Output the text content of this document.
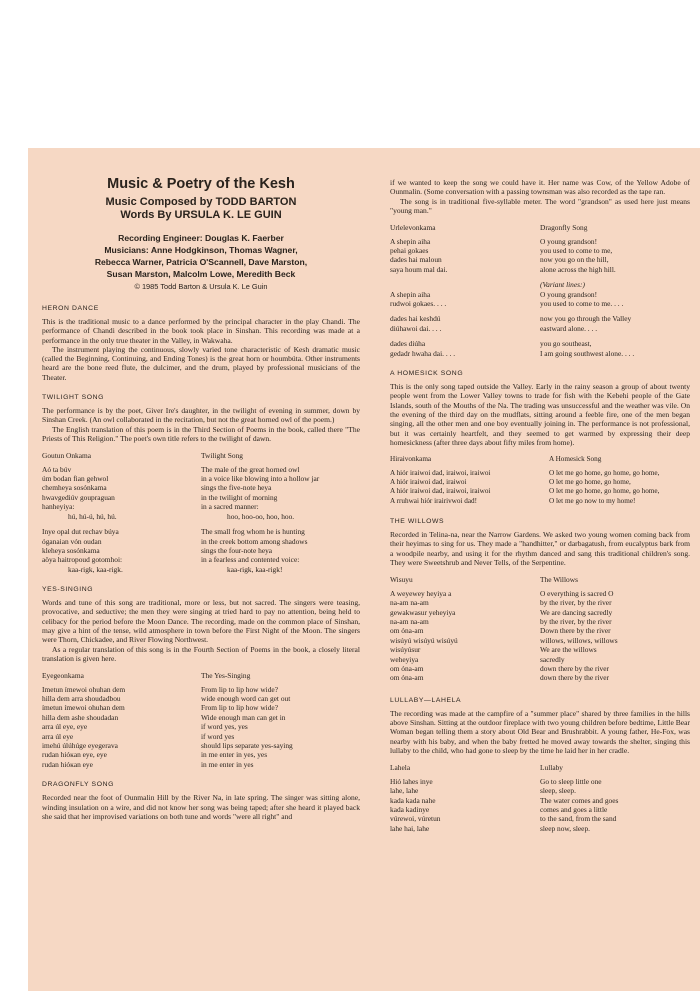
Music & Poetry of the Kesh
Music Composed by TODD BARTON
Words By URSULA K. LE GUIN
Recording Engineer: Douglas K. Faerber
Musicians: Anne Hodgkinson, Thomas Wagner,
Rebecca Warner, Patricia O'Scannell, Dave Marston,
Susan Marston, Malcolm Lowe, Meredith Beck
© 1985 Todd Barton & Ursula K. Le Guin
HERON DANCE

This is the traditional music to a dance performed by the principal character in the play Chandi. The performance of Chandi described in the book took place in Sinshan. This recording was made at a performance in the only true theater in the Valley, in Wakwaha.

The instrument playing the continuous, slowly varied tone characteristic of Kesh dramatic music (called the Beginning, Continuing, and Ending Tones) is the great horn or houmbúta. Other instruments heard are the bone reed flute, the dulcimer, and the drum, played by professional musicians of the Theater.

TWILIGHT SONG

The performance is by the poet, Giver Ire's daughter, in the twilight of evening in summer, down by Sinshan Creek. (An owl collaborated in the recitation, but not the great horned owl of the poem.)

The English translation of this poem is in the Third Section of Poems in the book, called there "The Priests of This Religion." The poet's own title refers to the twilight of dawn.

Goutun Onkama
Aó ta búv
úm bodan fian gehwol
chemheya sosónkama
hwavgediúv goupraguan
hanheyiya:
hú, hú-ú, hú, hú.
Inye opal dut rechav búya
óganaian vón oudan
kleheya sosónkama
aöya haitropoud gotomhoi:
kaa-rigk, kaa-rigk.
Twilight Song
The male of the great horned owl
in a voice like blowing into a hollow jar
sings the five-note heya
in the twilight of morning
in a sacred manner:
hoo, hoo-oo, hoo, hoo.
The small frog whom he is hunting
in the creek bottom among shadows
sings the four-note heya
in a fearless and contented voice:
kaa-rigk, kaa-rigk!
YES-SINGING

Words and tune of this song are traditional, more or less, but not sacred. The singers were teasing, provocative, and seductive; the men they were singing at tried hard to pay no attention, being held to celibacy for the period before the Moon Dance. The recording, made on the common place of Sinshan, may give a hint of the tense, wild atmosphere in town before the First Night of the Moon. The singers were Thorn, Chickadee, and River Flowing Northwest.

As a regular translation of this song is in the Fourth Section of Poems in the book, a closely literal translation is given here.

Eyegeonkama
Imetun ímewoi ohuhan dem
hilla dem arra shoudadbou
ímetun ímewoi ohuhan dem
hilla dem ashe shoudadan
arra úl eye, eye
arra úl eye
imehú úlúhúge eyegerava
rudan hióĸan eye, eye
rudan hióĸan eye
The Yes-Singing
From lip to lip how wide?
wide enough word can get out
From lip to lip how wide?
Wide enough man can get in
if word yes, yes
if word yes
should lips separate yes-saying
in me enter in yes, yes
in me enter in yes
DRAGONFLY SONG

Recorded near the foot of Ounmalin Hill by the River Na, in late spring. The singer was sitting alone, winding insulation on a wire, and did not know her song was being taped; after she heard it played back she said that her improvised variations on both tune and words "were all right" and

if we wanted to keep the song we could have it. Her name was Cow, of the Yellow Adobe of Ounmalin. (Some conversation with a passing townsman was also recorded as the tape ran.

The song is in traditional five-syllable meter. The word "grandson" as used here just means "young man."

Urlelevonkama
A shepin aiha
pehai gokaes
dades hai maloun
saya houm mal dai.

A shepin aiha
rudwoi gokaes. . . .
dades hai keshdú
diúhawoi dai. . . .
dades diúha
gedadr hwaha dai. . . .
Dragonfly Song
O young grandson!
you used to come to me,
now you go on the hill,
alone across the high hill.
(Variant lines:)
O young grandson!
you used to come to me. . . .
now you go through the Valley
eastward alone. . . .
you go southeast,
I am going southwest alone. . . .
A HOMESICK SONG

This is the only song taped outside the Valley. Early in the rainy season a group of about twenty people went from the Lower Valley towns to trade for fish with the Kebehi people of the Gate Islands, south of the Mouths of the Na. The trading was unsuccessful and the weather was vile. On the evening of the third day on the mudflats, sitting around a feeble fire, one of the men began singing, all the other men and one boy eventually joining in. The performance is not professional, but it was certainly heartfelt, and they seemed to get warmed by expressing their deep homesickness (after three days about fifty miles from home).

Hiraivonkama
A hiór iraiwoi dad, iraiwoi, iraiwoi
A hiór iraiwoi dad, iraiwoi
A hiór iraiwoi dad, iraiwoi, iraiwoi
A rruhwai hiór irairivwoi dad!
A Homesick Song
O let me go home, go home, go home,
O let me go home, go home,
O let me go home, go home, go home,
O let me go now to my home!
THE WILLOWS

Recorded in Telina-na, near the Narrow Gardens. We asked two young women coming back from their heyimas to sing for us. They made a "handhitter," or darbagatush, from eucalyptus bark from a woodpile nearby, and using it for the rhythm danced and sang this traditional children's song. They were Sweetshrub and Never Tells, of the Serpentine.

Wisuyu
A weyewey heyiya a
na-am na-am
gewakwasur yeheyiya
na-am na-am
om óna-am
wisúyú wisúyú wisúyú
wisúyúsur
weheyiya
om óna-am
om óna-am
The Willows
O everything is sacred O
by the river, by the river
We are dancing sacredly
by the river, by the river
Down there by the river
willows, willows, willows
We are the willows
sacredly
down there by the river
down there by the river
LULLABY—LAHELA

The recording was made at the campfire of a "summer place" shared by three families in the hills above Sinshan. Sitting at the outdoor fireplace with two young children before bedtime, Little Bear Woman began telling them a story about Old Bear and Brushrabbit. A young father, He-Fox, was nearby with his baby, and when the baby fretted he moved away towards the shelter, singing this lullaby to the child, who had gone to sleep by the time he laid her in her cradle.

Lahela
Hió lahes inye
lahe, lahe
kada kada nahe
kada kadinye
vúrewoi, vúretun
lahe hai, lahe
Lullaby
Go to sleep little one
sleep, sleep.
The water comes and goes
comes and goes a little
to the sand, from the sand
sleep now, sleep.
